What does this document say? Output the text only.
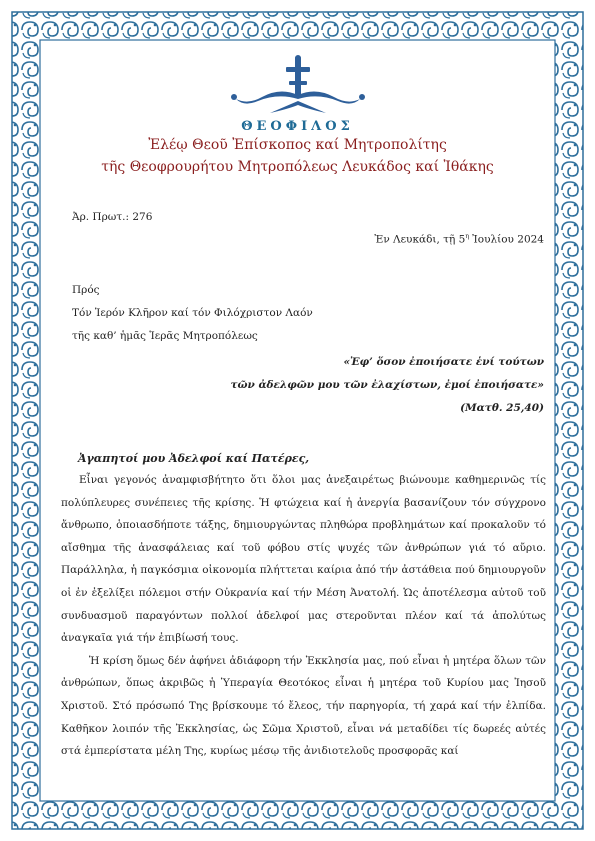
ΘΕΟΦΙΛΟΣ
Ἐλέῳ Θεοῦ Ἐπίσκοπος καί Μητροπολίτης
τῆς Θεοφρουρήτου Μητροπόλεως Λευκάδος καί Ἰθάκης
Ἀρ. Πρωτ.: 276
Ἐν Λευκάδι, τῇ $5^\eta$ Ἰουλίου 2024
Πρός
Τόν Ἱερόν Κλῆρον καί τόν Φιλόχριστον Λαόν
τῆς καθ’ ἡμᾶς Ἱερᾶς Μητροπόλεως
«Ἐφ’ ὅσον ἐποιήσατε ἑνί τούτων
τῶν ἀδελφῶν μου τῶν ἐλαχίστων, ἐμοί ἐποιήσατε»
(Ματθ. 25,40)
Ἀγαπητοί μου Ἀδελφοί καί Πατέρες,

Εἶναι γεγονός ἀναμφισβήτητο ὅτι ὅλοι μας ἀνεξαιρέτως βιώνουμε καθημερινῶς τίς πολύπλευρες συνέπειες τῆς κρίσης. Ἡ φτώχεια καί ἡ ἀνεργία βασανίζουν τόν σύγχρονο ἄνθρωπο, ὁποιασδήποτε τάξης, δημιουργώντας πληθώρα προβλημάτων καί προκαλοῦν τό αἴσθημα τῆς ἀνασφάλειας καί τοῦ φόβου στίς ψυχές τῶν ἀνθρώπων γιά τό αὔριο. Παράλληλα, ἡ παγκόσμια οἰκονομία πλήττεται καίρια ἀπό τήν ἀστάθεια πού δημιουργοῦν οἱ ἐν ἐξελίξει πόλεμοι στήν Οὐκρανία καί τήν Μέση Ἀνατολή. Ὡς ἀποτέλεσμα αὐτοῦ τοῦ συνδυασμοῦ παραγόντων πολλοί ἀδελφοί μας στεροῦνται πλέον καί τά ἀπολύτως ἀναγκαῖα γιά τήν ἐπιβίωσή τους.

Ἡ κρίση ὅμως δέν ἀφήνει ἀδιάφορη τήν Ἐκκλησία μας, πού εἶναι ἡ μητέρα ὅλων τῶν ἀνθρώπων, ὅπως ἀκριβῶς ἡ Ὑπεραγία Θεοτόκος εἶναι ἡ μητέρα τοῦ Κυρίου μας Ἰησοῦ Χριστοῦ. Στό πρόσωπό Της βρίσκουμε τό ἔλεος, τήν παρηγορία, τή χαρά καί τήν ἐλπίδα. Καθῆκον λοιπόν τῆς Ἐκκλησίας, ὡς Σῶμα Χριστοῦ, εἶναι νά μεταδίδει τίς δωρεές αὐτές στά ἐμπερίστατα μέλη Της, κυρίως μέσῳ τῆς ἀνιδιοτελοῦς προσφορᾶς καί
